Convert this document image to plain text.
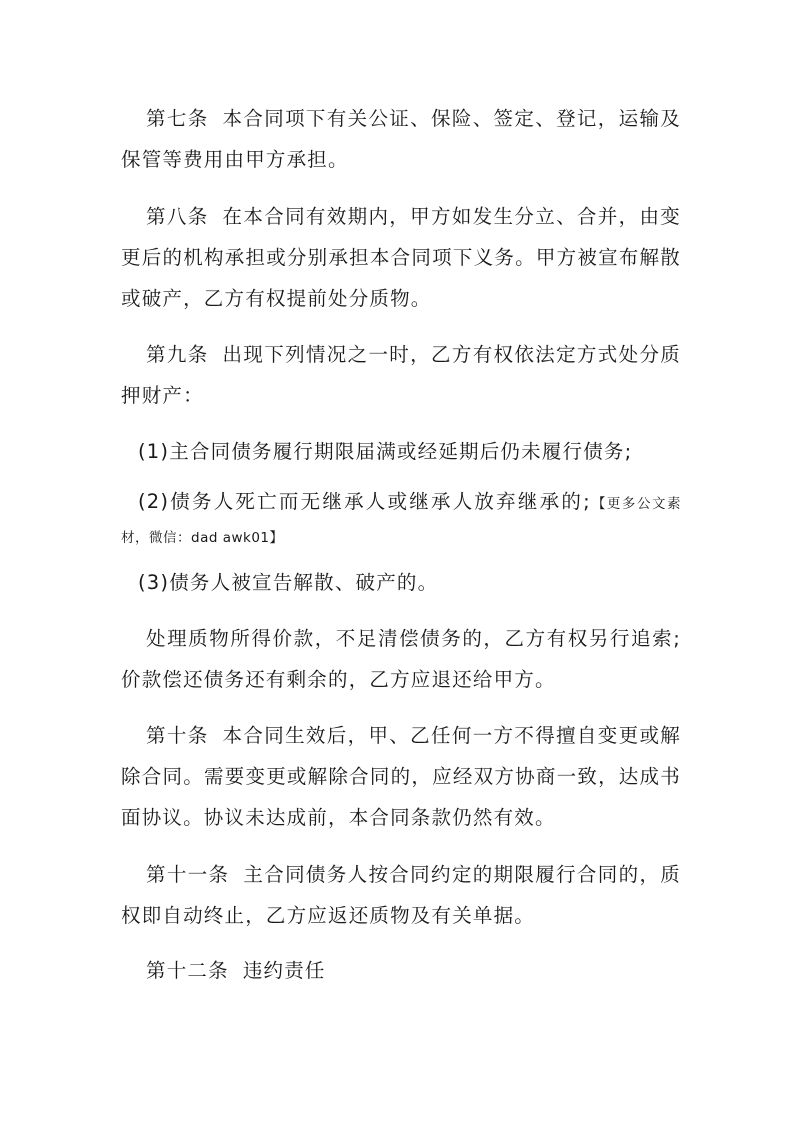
第七条 本合同项下有关公证、保险、签定、登记，运输及保管等费用由甲方承担。

第八条 在本合同有效期内，甲方如发生分立、合并，由变更后的机构承担或分别承担本合同项下义务。甲方被宣布解散或破产，乙方有权提前处分质物。

第九条 出现下列情况之一时，乙方有权依法定方式处分质押财产：

(1)主合同债务履行期限届满或经延期后仍未履行债务;

(2)债务人死亡而无继承人或继承人放弃继承的;【更多公文素材，微信：dad awk01】

(3)债务人被宣告解散、破产的。

处理质物所得价款，不足清偿债务的，乙方有权另行追索;价款偿还债务还有剩余的，乙方应退还给甲方。

第十条 本合同生效后，甲、乙任何一方不得擅自变更或解除合同。需要变更或解除合同的，应经双方协商一致，达成书面协议。协议未达成前，本合同条款仍然有效。

第十一条 主合同债务人按合同约定的期限履行合同的，质权即自动终止，乙方应返还质物及有关单据。

第十二条 违约责任
